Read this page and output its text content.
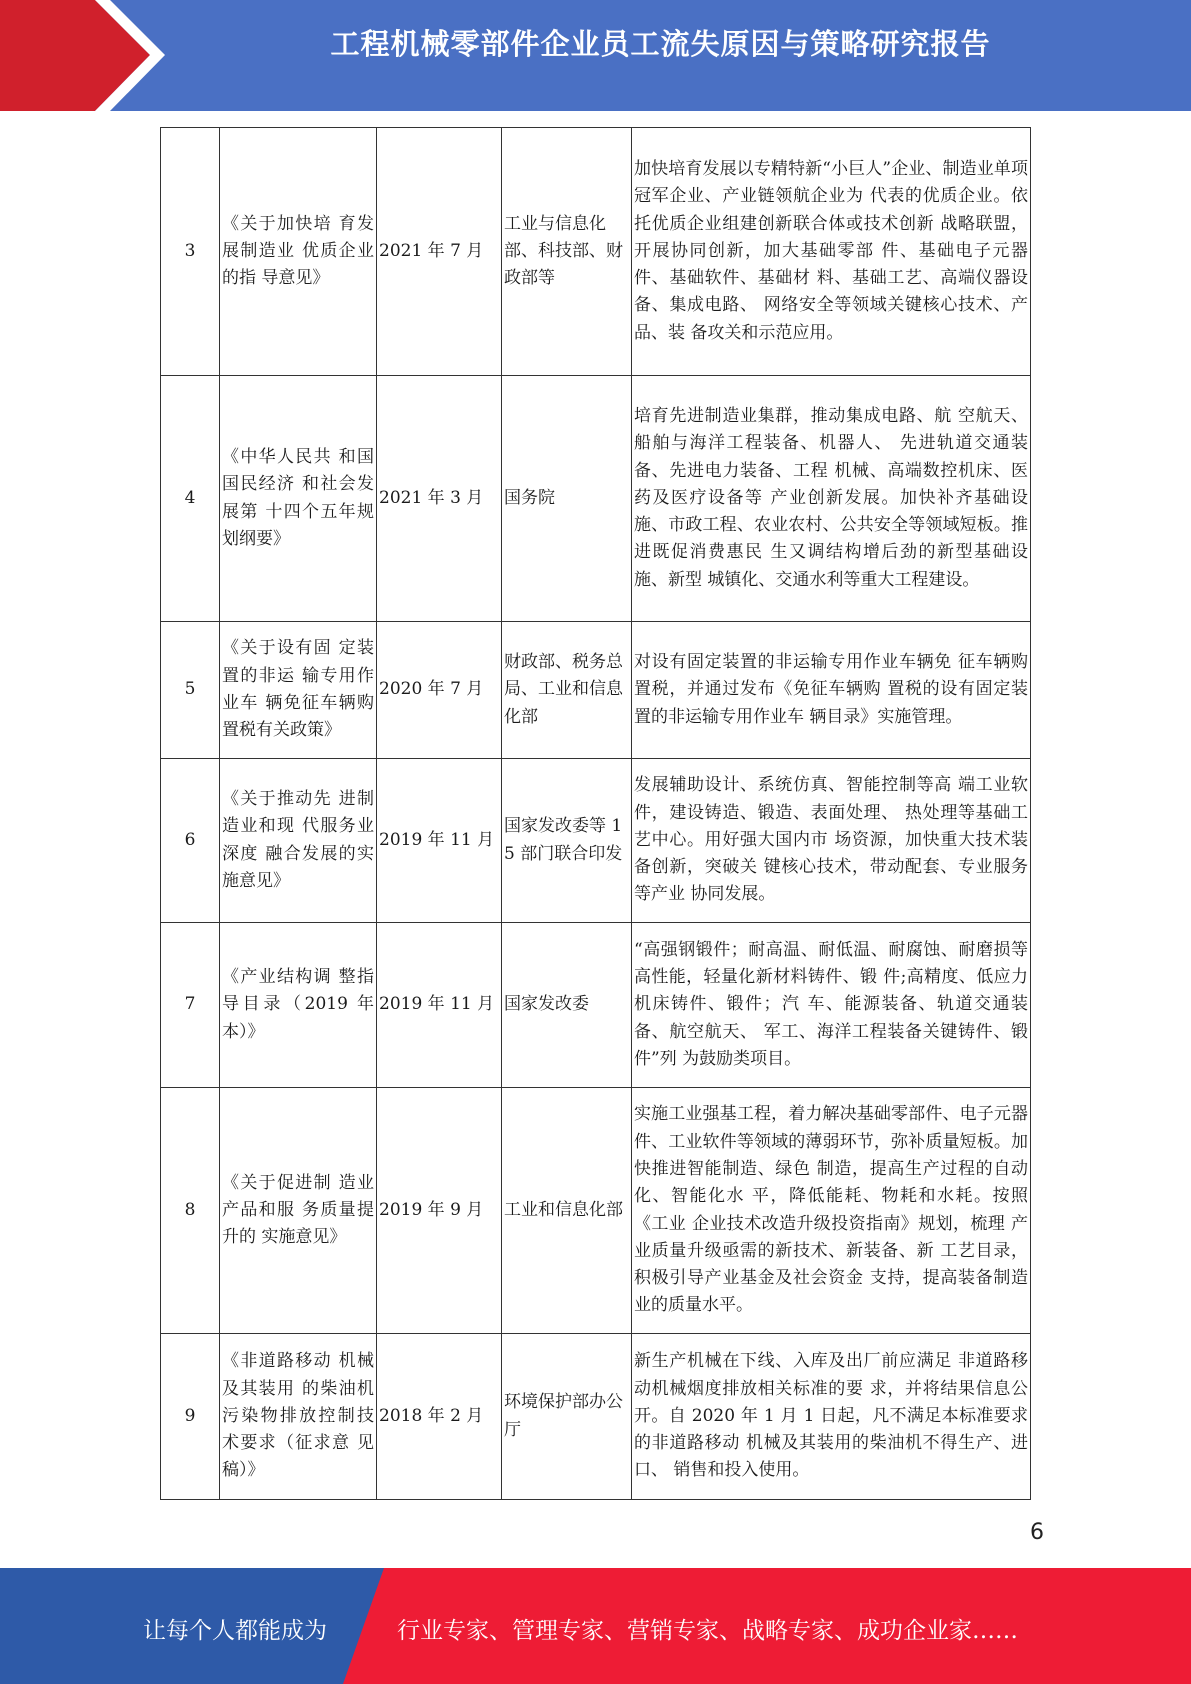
工程机械零部件企业员工流失原因与策略研究报告
3	《关于加快培 育发展制造业 优质企业的指 导意见》	2021 年 7 月	工业与信息化部、科技部、财政部等	加快培育发展以专精特新“小巨人”企业、制造业单项冠军企业、产业链领航企业为 代表的优质企业。依托优质企业组建创新联合体或技术创新 战略联盟，开展协同创新，加大基础零部 件、基础电子元器件、基础软件、基础材 料、基础工艺、高端仪器设备、集成电路、 网络安全等领域关键核心技术、产品、装 备攻关和示范应用。
4	《中华人民共 和国国民经济 和社会发展第 十四个五年规 划纲要》	2021 年 3 月	国务院	培育先进制造业集群，推动集成电路、航 空航天、船舶与海洋工程装备、机器人、 先进轨道交通装备、先进电力装备、工程 机械、高端数控机床、医药及医疗设备等 产业创新发展。加快补齐基础设施、市政工程、农业农村、公共安全等领域短板。推进既促消费惠民 生又调结构增后劲的新型基础设施、新型 城镇化、交通水利等重大工程建设。
5	《关于设有固 定装置的非运 输专用作业车 辆免征车辆购 置税有关政策》	2020 年 7 月	财政部、税务总局、工业和信息化部	对设有固定装置的非运输专用作业车辆免 征车辆购置税，并通过发布《免征车辆购 置税的设有固定装置的非运输专用作业车 辆目录》实施管理。
6	《关于推动先 进制造业和现 代服务业深度 融合发展的实 施意见》	2019 年 11 月	国家发改委等 15 部门联合印发	发展辅助设计、系统仿真、智能控制等高 端工业软件，建设铸造、锻造、表面处理、 热处理等基础工艺中心。用好强大国内市 场资源，加快重大技术装备创新，突破关 键核心技术，带动配套、专业服务等产业 协同发展。
7	《产业结构调 整指导目录（2019 年本）》	2019 年 11 月	国家发改委	“高强钢锻件；耐高温、耐低温、耐腐蚀、耐磨损等高性能，轻量化新材料铸件、锻 件;高精度、低应力机床铸件、锻件；汽 车、能源装备、轨道交通装备、航空航天、 军工、海洋工程装备关键铸件、锻件”列 为鼓励类项目。
8	《关于促进制 造业产品和服 务质量提升的 实施意见》	2019 年 9 月	工业和信息化部	实施工业强基工程，着力解决基础零部件、电子元器件、工业软件等领域的薄弱环节，弥补质量短板。加快推进智能制造、绿色 制造，提高生产过程的自动化、智能化水 平，降低能耗、物耗和水耗。按照《工业 企业技术改造升级投资指南》规划，梳理 产业质量升级亟需的新技术、新装备、新 工艺目录，积极引导产业基金及社会资金 支持，提高装备制造业的质量水平。
9	《非道路移动 机械及其装用 的柴油机污染物排放控制技 术要求（征求意 见稿）》	2018 年 2 月	环境保护部办公厅	新生产机械在下线、入库及出厂前应满足 非道路移动机械烟度排放相关标准的要 求，并将结果信息公开。自 2020 年 1 月 1 日起，凡不满足本标准要求的非道路移动 机械及其装用的柴油机不得生产、进口、 销售和投入使用。
6
让每个人都能成为	行业专家、管理专家、营销专家、战略专家、成功企业家……
